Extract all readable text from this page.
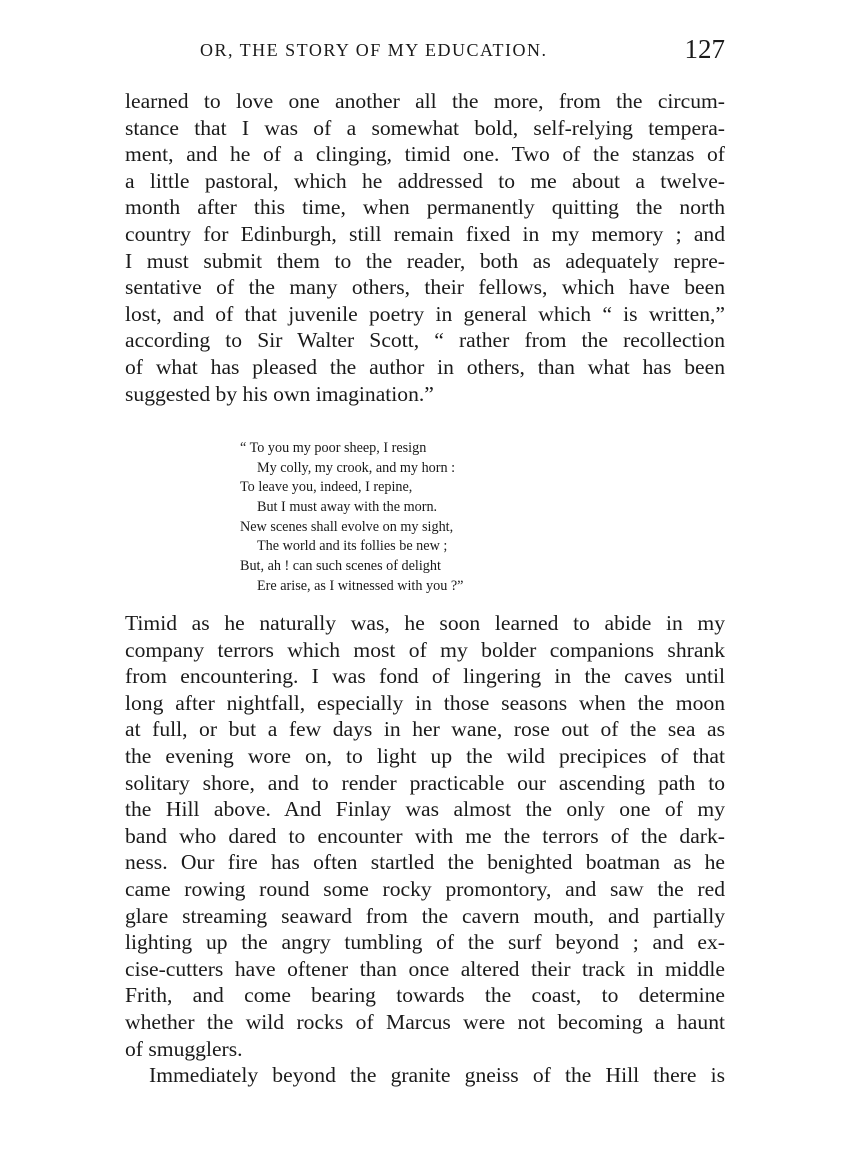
OR, THE STORY OF MY EDUCATION.	127
learned to love one another all the more, from the circum-
stance that I was of a somewhat bold, self-relying tempera-
ment, and he of a clinging, timid one. Two of the stanzas of
a little pastoral, which he addressed to me about a twelve-
month after this time, when permanently quitting the north
country for Edinburgh, still remain fixed in my memory ; and
I must submit them to the reader, both as adequately repre-
sentative of the many others, their fellows, which have been
lost, and of that juvenile poetry in general which “ is written,”
according to Sir Walter Scott, “ rather from the recollection
of what has pleased the author in others, than what has been
suggested by his own imagination.”
“ To you my poor sheep, I resign
My colly, my crook, and my horn :
To leave you, indeed, I repine,
But I must away with the morn.
New scenes shall evolve on my sight,
The world and its follies be new ;
But, ah ! can such scenes of delight
Ere arise, as I witnessed with you ?”
Timid as he naturally was, he soon learned to abide in my
company terrors which most of my bolder companions shrank
from encountering. I was fond of lingering in the caves until
long after nightfall, especially in those seasons when the moon
at full, or but a few days in her wane, rose out of the sea as
the evening wore on, to light up the wild precipices of that
solitary shore, and to render practicable our ascending path to
the Hill above. And Finlay was almost the only one of my
band who dared to encounter with me the terrors of the dark-
ness. Our fire has often startled the benighted boatman as he
came rowing round some rocky promontory, and saw the red
glare streaming seaward from the cavern mouth, and partially
lighting up the angry tumbling of the surf beyond ; and ex-
cise-cutters have oftener than once altered their track in middle
Frith, and come bearing towards the coast, to determine
whether the wild rocks of Marcus were not becoming a haunt
of smugglers.
Immediately beyond the granite gneiss of the Hill there is
